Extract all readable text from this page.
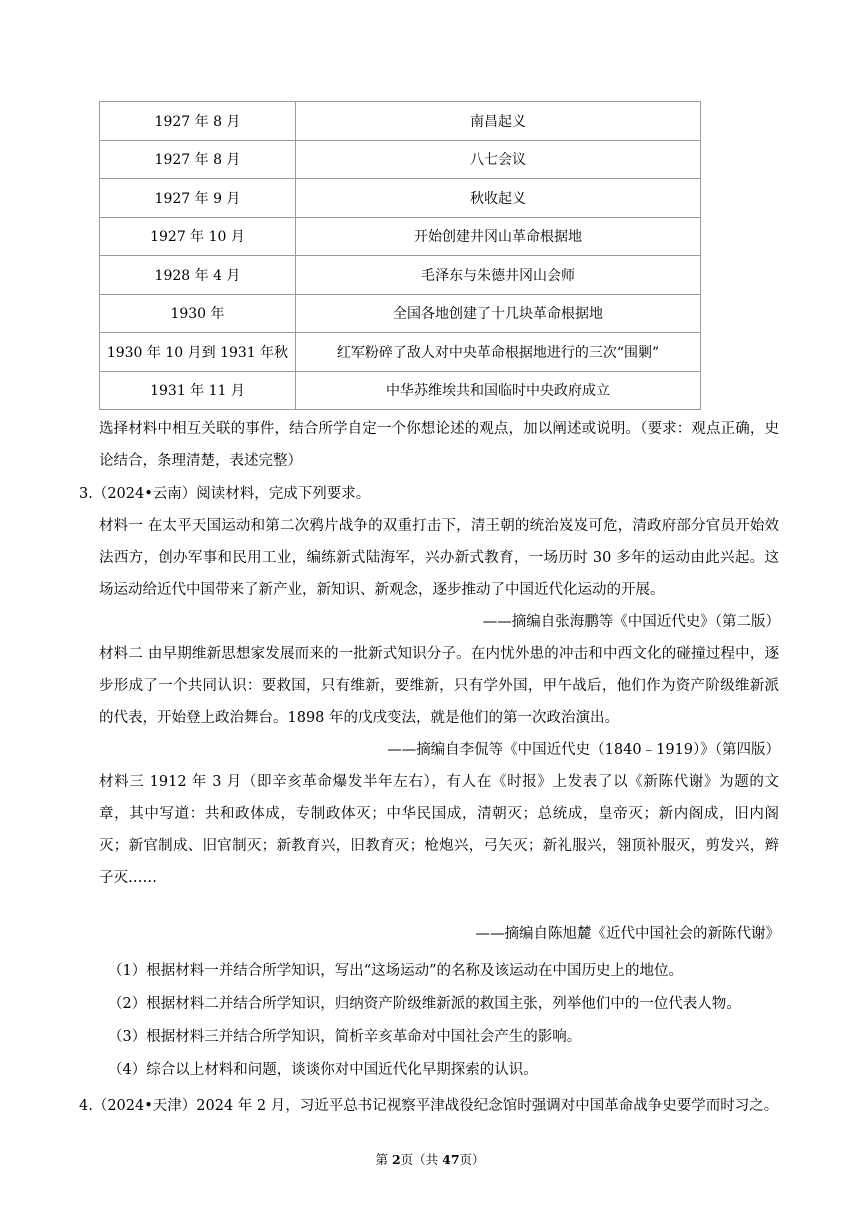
1927 年 8 月	南昌起义
1927 年 8 月	八七会议
1927 年 9 月	秋收起义
1927 年 10 月	开始创建井冈山革命根据地
1928 年 4 月	毛泽东与朱德井冈山会师
1930 年	全国各地创建了十几块革命根据地
1930 年 10 月到 1931 年秋	红军粉碎了敌人对中央革命根据地进行的三次“围剿”
1931 年 11 月	中华苏维埃共和国临时中央政府成立
选择材料中相互关联的事件，结合所学自定一个你想论述的观点，加以阐述或说明。（要求：观点正确，史论结合，条理清楚，表述完整）
3.（2024•云南）阅读材料，完成下列要求。
材料一 在太平天国运动和第二次鸦片战争的双重打击下，清王朝的统治岌岌可危，清政府部分官员开始效法西方，创办军事和民用工业，编练新式陆海军，兴办新式教育，一场历时 30 多年的运动由此兴起。这场运动给近代中国带来了新产业，新知识、新观念，逐步推动了中国近代化运动的开展。
——摘编自张海鹏等《中国近代史》（第二版）
材料二 由早期维新思想家发展而来的一批新式知识分子。在内忧外患的冲击和中西文化的碰撞过程中，逐步形成了一个共同认识：要救国，只有维新，要维新，只有学外国，甲午战后，他们作为资产阶级维新派的代表，开始登上政治舞台。1898 年的戊戌变法，就是他们的第一次政治演出。
——摘编自李侃等《中国近代史（1840﹣1919）》（第四版）
材料三 1912 年 3 月（即辛亥革命爆发半年左右），有人在《时报》上发表了以《新陈代谢》为题的文章，其中写道：共和政体成，专制政体灭；中华民国成，清朝灭；总统成，皇帝灭；新内阁成，旧内阁灭；新官制成、旧官制灭；新教育兴，旧教育灭；枪炮兴，弓矢灭；新礼服兴，翎顶补服灭，剪发兴，辫子灭……
——摘编自陈旭麓《近代中国社会的新陈代谢》
（1）根据材料一并结合所学知识，写出“这场运动”的名称及该运动在中国历史上的地位。
（2）根据材料二并结合所学知识，归纳资产阶级维新派的救国主张，列举他们中的一位代表人物。
（3）根据材料三并结合所学知识，简析辛亥革命对中国社会产生的影响。
（4）综合以上材料和问题，谈谈你对中国近代化早期探索的认识。
4.（2024•天津）2024 年 2 月，习近平总书记视察平津战役纪念馆时强调对中国革命战争史要学而时习之。
第 2页（共 47页）
